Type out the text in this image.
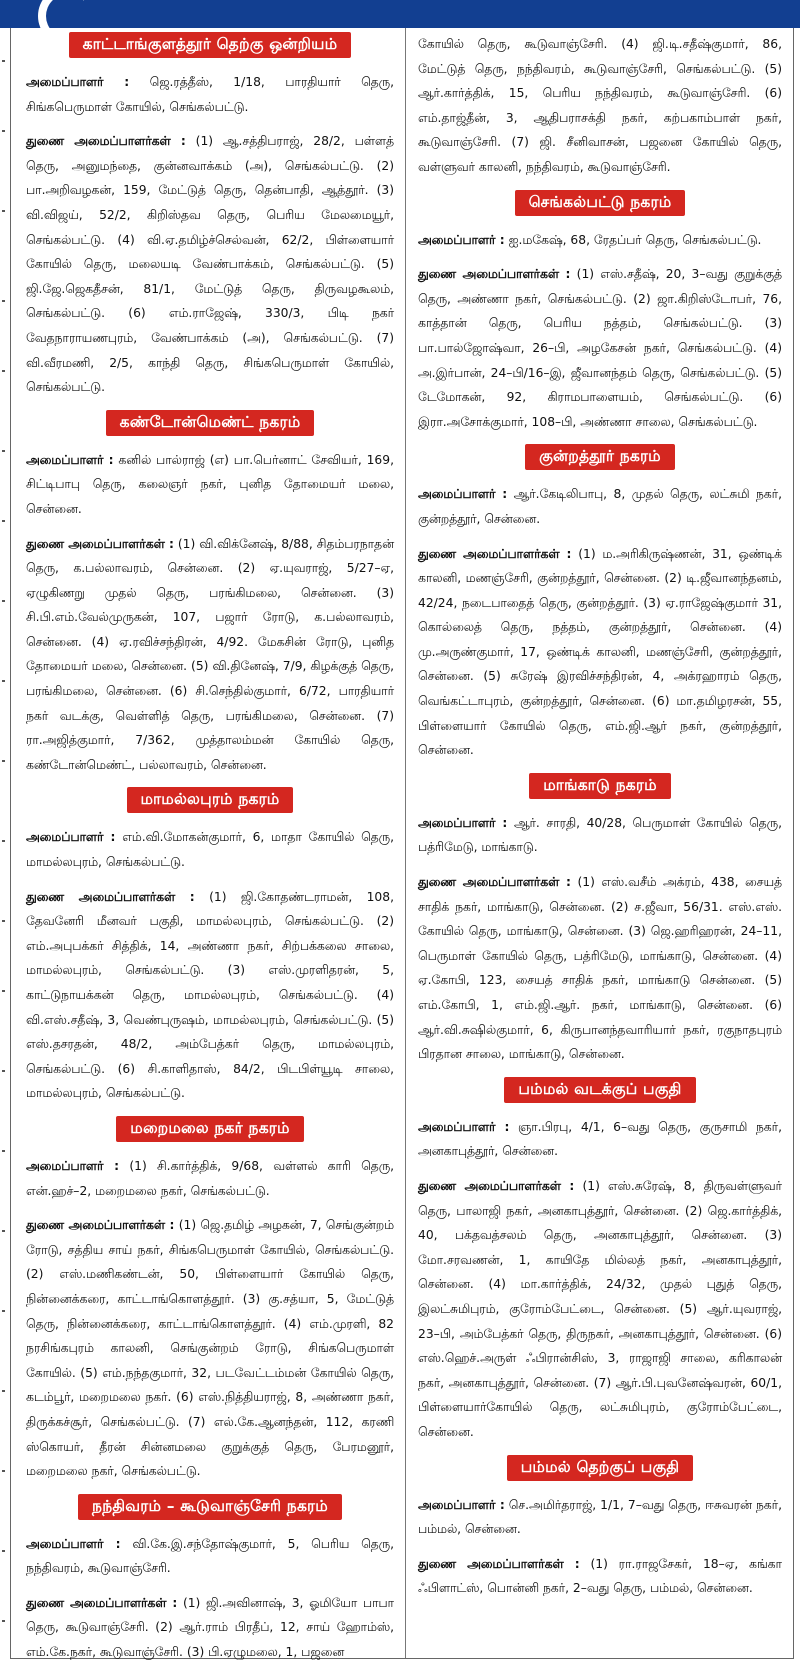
காட்டாங்குளத்தூர் தெற்கு ஒன்றியம்

அமைப்பாளர் : ஜெ.ரத்தீஸ், 1/18, பாரதியார் தெரு, சிங்கபெருமாள் கோயில், செங்கல்பட்டு.

துணை அமைப்பாளர்கள் : (1) ஆ.சத்திபராஜ், 28/2, பள்ளத் தெரு, அனுமந்தை, குன்னவாக்கம் (அ), செங்கல்பட்டு. (2) பா.அறிவழகன், 159, மேட்டுத் தெரு, தென்பாதி, ஆத்தூர். (3) வி.விஜய், 52/2, கிறிஸ்தவ தெரு, பெரிய மேலமையூர், செங்கல்பட்டு. (4) வி.ஏ.தமிழ்ச்செல்வன், 62/2, பிள்ளையார் கோயில் தெரு, மலையடி வேண்பாக்கம், செங்கல்பட்டு. (5) ஜி.ஜே.ஜெகதீசன், 81/1, மேட்டுத் தெரு, திருவழகூலம், செங்கல்பட்டு. (6) எம்.ராஜேஷ், 330/3, பிடி நகர் வேதநாராயணபுரம், வேண்பாக்கம் (அ), செங்கல்பட்டு. (7) வி.வீரமணி, 2/5, காந்தி தெரு, சிங்கபெருமாள் கோயில், செங்கல்பட்டு.

கண்டோன்மெண்ட் நகரம்

அமைப்பாளர் : கனில் பால்ராஜ் (எ) பா.பெர்னாட் சேவியர், 169, சிட்டிபாபு தெரு, கலைஞர் நகர், புனித தோமையர் மலை, சென்னை.

துணை அமைப்பாளர்கள் : (1) வி.விக்னேஷ், 8/88, சிதம்பரநாதன் தெரு, க.பல்லாவரம், சென்னை. (2) ஏ.யுவராஜ், 5/27–ஏ, ஏழுகிணறு முதல் தெரு, பரங்கிமலை, சென்னை. (3) சி.பி.எம்.வேல்முருகன், 107, பஜார் ரோடு, க.பல்லாவரம், சென்னை. (4) ஏ.ரவிச்சந்திரன், 4/92. மேகசின் ரோடு, புனித தோமையர் மலை, சென்னை. (5) வி.தினேஷ், 7/9, கிழக்குத் தெரு, பரங்கிமலை, சென்னை. (6) சி.செந்தில்குமார், 6/72, பாரதியார் நகர் வடக்கு, வெள்ளித் தெரு, பரங்கிமலை, சென்னை. (7) ரா.அஜித்குமார், 7/362, முத்தாலம்மன் கோயில் தெரு, கண்டோன்மெண்ட், பல்லாவரம், சென்னை.

மாமல்லபுரம் நகரம்

அமைப்பாளர் : எம்.வி.மோகன்குமார், 6, மாதா கோயில் தெரு, மாமல்லபுரம், செங்கல்பட்டு.

துணை அமைப்பாளர்கள் : (1) ஜி.கோதண்டராமன், 108, தேவனேரி மீனவர் பகுதி, மாமல்லபுரம், செங்கல்பட்டு. (2) எம்.அபுபக்கர் சித்திக், 14, அண்ணா நகர், சிற்பக்கலை சாலை, மாமல்லபுரம், செங்கல்பட்டு. (3) எஸ்.முரளிதரன், 5, காட்டுநாயக்கன் தெரு, மாமல்லபுரம், செங்கல்பட்டு. (4) வி.எஸ்.சதீஷ், 3, வெண்புருஷம், மாமல்லபுரம், செங்கல்பட்டு. (5) எஸ்.தசரதன், 48/2, அம்பேத்கர் தெரு, மாமல்லபுரம், செங்கல்பட்டு. (6) சி.காளிதாஸ், 84/2, பிடபிள்யூடி சாலை, மாமல்லபுரம், செங்கல்பட்டு.

மறைமலை நகர் நகரம்

அமைப்பாளர் : (1) சி.கார்த்திக், 9/68, வள்ளல் காரி தெரு, என்.ஹச்–2, மறைமலை நகர், செங்கல்பட்டு.

துணை அமைப்பாளர்கள் : (1) ஜெ.தமிழ் அழகன், 7, செங்குன்றம் ரோடு, சத்திய சாய் நகர், சிங்கபெருமாள் கோயில், செங்கல்பட்டு. (2) எஸ்.மணிகண்டன், 50, பிள்ளையார் கோயில் தெரு, நின்னைக்கரை, காட்டாங்கொளத்தூர். (3) கு.சத்யா, 5, மேட்டுத் தெரு, நின்னைக்கரை, காட்டாங்கொளத்தூர். (4) எம்.முரளி, 82 நரசிங்கபுரம் காலனி, செங்குன்றம் ரோடு, சிங்கபெருமாள் கோயில். (5) எம்.நந்தகுமார், 32, படவேட்டம்மன் கோயில் தெரு, கடம்பூர், மறைமலை நகர். (6) எஸ்.நித்தியராஜ், 8, அண்ணா நகர், திருக்கச்சூர், செங்கல்பட்டு. (7) எல்.கே.ஆனந்தன், 112, கரணி ஸ்கொயர், தீரன் சின்னமலை குறுக்குத் தெரு, பேரமனூர், மறைமலை நகர், செங்கல்பட்டு.

நந்திவரம் – கூடுவாஞ்சேரி நகரம்

அமைப்பாளர் : வி.கே.இ.சந்தோஷ்குமார், 5, பெரிய தெரு, நந்திவரம், கூடுவாஞ்சேரி.

துணை அமைப்பாளர்கள் : (1) ஜி.அவினாஷ், 3, ஓமியோ பாபா தெரு, கூடுவாஞ்சேரி. (2) ஆர்.ராம் பிரதீப், 12, சாய் ஹோம்ஸ், எம்.கே.நகர், கூடுவாஞ்சேரி. (3) பி.ஏழுமலை, 1, பஜனை

கோயில் தெரு, கூடுவாஞ்சேரி. (4) ஜி.டி.சதீஷ்குமார், 86, மேட்டுத் தெரு, நந்திவரம், கூடுவாஞ்சேரி, செங்கல்பட்டு. (5) ஆர்.கார்த்திக், 15, பெரிய நந்திவரம், கூடுவாஞ்சேரி. (6) எம்.தாஜ்தீன், 3, ஆதிபராசக்தி நகர், கற்பகாம்பாள் நகர், கூடுவாஞ்சேரி. (7) ஜி. சீனிவாசன், பஜனை கோயில் தெரு, வள்ளுவர் காலனி, நந்திவரம், கூடுவாஞ்சேரி.

செங்கல்பட்டு நகரம்

அமைப்பாளர் : ஐ.மகேஷ், 68, ரேதப்பர் தெரு, செங்கல்பட்டு.

துணை அமைப்பாளர்கள் : (1) எஸ்.சதீஷ், 20, 3–வது குறுக்குத் தெரு, அண்ணா நகர், செங்கல்பட்டு. (2) ஜா.கிறிஸ்டோபர், 76, காத்தான் தெரு, பெரிய நத்தம், செங்கல்பட்டு. (3) பா.பால்ஜோஷ்வா, 26–பி, அழகேசன் நகர், செங்கல்பட்டு. (4) அ.இர்பான், 24–பி/16–இ, ஜீவானந்தம் தெரு, செங்கல்பட்டு. (5) டேமோகன், 92, கிராமபாளையம், செங்கல்பட்டு. (6) இரா.அசோக்குமார், 108–பி, அண்ணா சாலை, செங்கல்பட்டு.

குன்றத்தூர் நகரம்

அமைப்பாளர் : ஆர்.கேடிலிபாபு, 8, முதல் தெரு, லட்சுமி நகர், குன்றத்தூர், சென்னை.

துணை அமைப்பாளர்கள் : (1) ம.அரிகிருஷ்ணன், 31, ஒண்டிக் காலனி, மணஞ்சேரி, குன்றத்தூர், சென்னை. (2) டி.ஜீவானந்தனம், 42/24, நடைபாதைத் தெரு, குன்றத்தூர். (3) ஏ.ராஜேஷ்குமார் 31, கொல்லைத் தெரு, நத்தம், குன்றத்தூர், சென்னை. (4) மு.அருண்குமார், 17, ஒண்டிக் காலனி, மணஞ்சேரி, குன்றத்தூர், சென்னை. (5) சுரேஷ் இரவிச்சந்திரன், 4, அக்ரஹாரம் தெரு, வெங்கட்டாபுரம், குன்றத்தூர், சென்னை. (6) மா.தமிழரசன், 55, பிள்ளையார் கோயில் தெரு, எம்.ஜி.ஆர் நகர், குன்றத்தூர், சென்னை.

மாங்காடு நகரம்

அமைப்பாளர் : ஆர். சாரதி, 40/28, பெருமாள் கோயில் தெரு, பத்ரிமேடு, மாங்காடு.

துணை அமைப்பாளர்கள் : (1) எஸ்.வசீம் அக்ரம், 438, சையத் சாதிக் நகர், மாங்காடு, சென்னை. (2) ச.ஜீவா, 56/31. எஸ்.எஸ். கோயில் தெரு, மாங்காடு, சென்னை. (3) ஜெ.ஹரிஹரன், 24–11, பெருமாள் கோயில் தெரு, பத்ரிமேடு, மாங்காடு, சென்னை. (4) ஏ.கோபி, 123, சையத் சாதிக் நகர், மாங்காடு சென்னை. (5) எம்.கோபி, 1, எம்.ஜி.ஆர். நகர், மாங்காடு, சென்னை. (6) ஆர்.வி.சுஷில்குமார், 6, கிருபானந்தவாரியார் நகர், ரகுநாதபுரம் பிரதான சாலை, மாங்காடு, சென்னை.

பம்மல் வடக்குப் பகுதி

அமைப்பாளர் : ஞா.பிரபு, 4/1, 6–வது தெரு, குருசாமி நகர், அனகாபுத்தூர், சென்னை.

துணை அமைப்பாளர்கள் : (1) எஸ்.சுரேஷ், 8, திருவள்ளுவர் தெரு, பாலாஜி நகர், அனகாபுத்தூர், சென்னை. (2) ஜெ.கார்த்திக், 40, பக்தவத்சலம் தெரு, அனகாபுத்தூர், சென்னை. (3) மோ.சரவணன், 1, காயிதே மில்லத் நகர், அனகாபுத்தூர், சென்னை. (4) மா.கார்த்திக், 24/32, முதல் புதுத் தெரு, இலட்சுமிபுரம், குரோம்பேட்டை, சென்னை. (5) ஆர்.யுவராஜ், 23–பி, அம்பேத்கர் தெரு, திருநகர், அனகாபுத்தூர், சென்னை. (6) எஸ்.ஹெச்.அருள் ஃபிரான்சிஸ், 3, ராஜாஜி சாலை, கரிகாலன் நகர், அனகாபுத்தூர், சென்னை. (7) ஆர்.பி.புவனேஷ்வரன், 60/1, பிள்ளையார்கோயில் தெரு, லட்சுமிபுரம், குரோம்பேட்டை, சென்னை.

பம்மல் தெற்குப் பகுதி

அமைப்பாளர் : செ.அமிர்தராஜ், 1/1, 7–வது தெரு, ஈசுவரன் நகர், பம்மல், சென்னை.

துணை அமைப்பாளர்கள் : (1) ரா.ராஜசேகர், 18–ஏ, கங்கா ஃபிளாட்ஸ், பொன்னி நகர், 2–வது தெரு, பம்மல், சென்னை.
